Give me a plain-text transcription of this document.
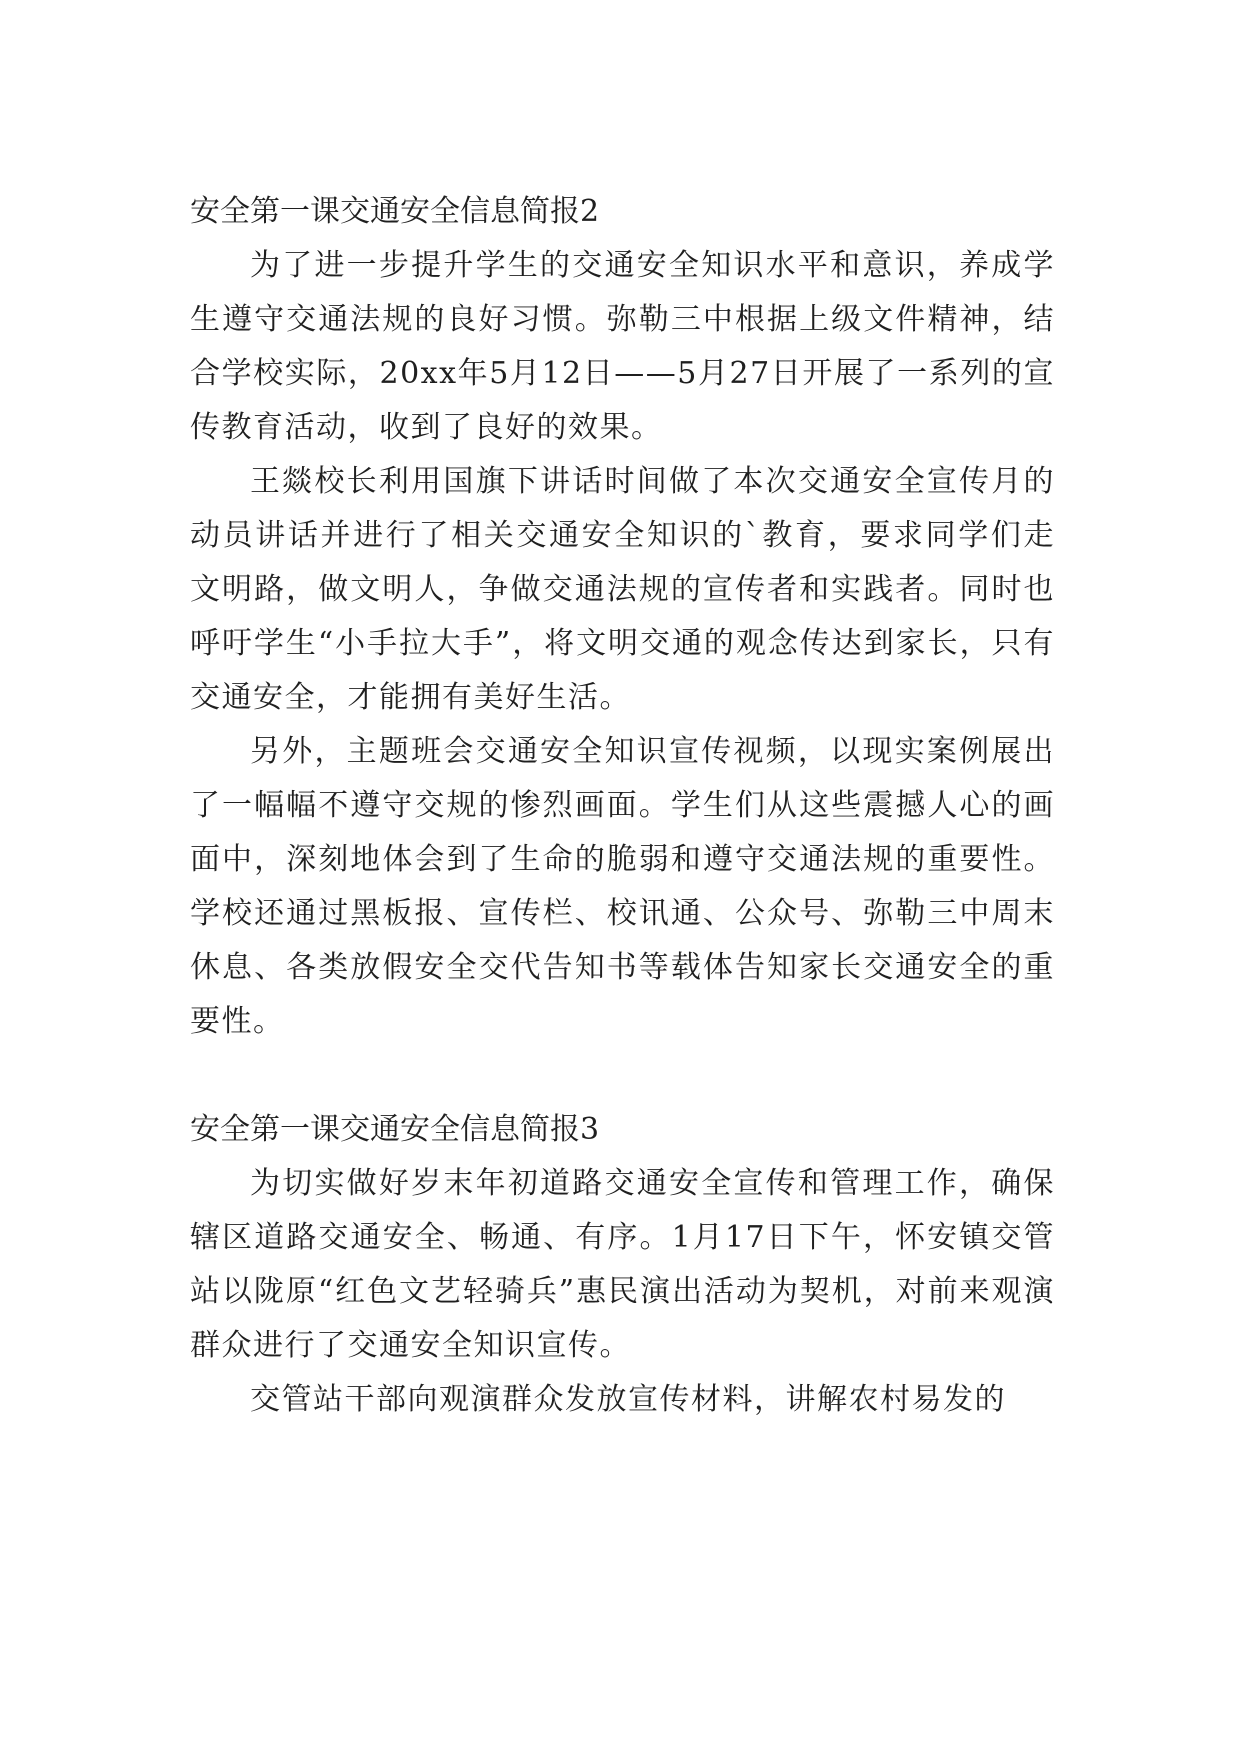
安全第一课交通安全信息简报2

为了进一步提升学生的交通安全知识水平和意识，养成学生遵守交通法规的良好习惯。弥勒三中根据上级文件精神，结合学校实际，20xx年5月12日——5月27日开展了一系列的宣传教育活动，收到了良好的效果。

王燚校长利用国旗下讲话时间做了本次交通安全宣传月的动员讲话并进行了相关交通安全知识的`教育，要求同学们走文明路，做文明人，争做交通法规的宣传者和实践者。同时也呼吁学生“小手拉大手”，将文明交通的观念传达到家长，只有交通安全，才能拥有美好生活。

另外，主题班会交通安全知识宣传视频，以现实案例展出了一幅幅不遵守交规的惨烈画面。学生们从这些震撼人心的画面中，深刻地体会到了生命的脆弱和遵守交通法规的重要性。学校还通过黑板报、宣传栏、校讯通、公众号、弥勒三中周末休息、各类放假安全交代告知书等载体告知家长交通安全的重要性。

安全第一课交通安全信息简报3

为切实做好岁末年初道路交通安全宣传和管理工作，确保辖区道路交通安全、畅通、有序。1月17日下午，怀安镇交管站以陇原“红色文艺轻骑兵”惠民演出活动为契机，对前来观演群众进行了交通安全知识宣传。

交管站干部向观演群众发放宣传材料，讲解农村易发的
